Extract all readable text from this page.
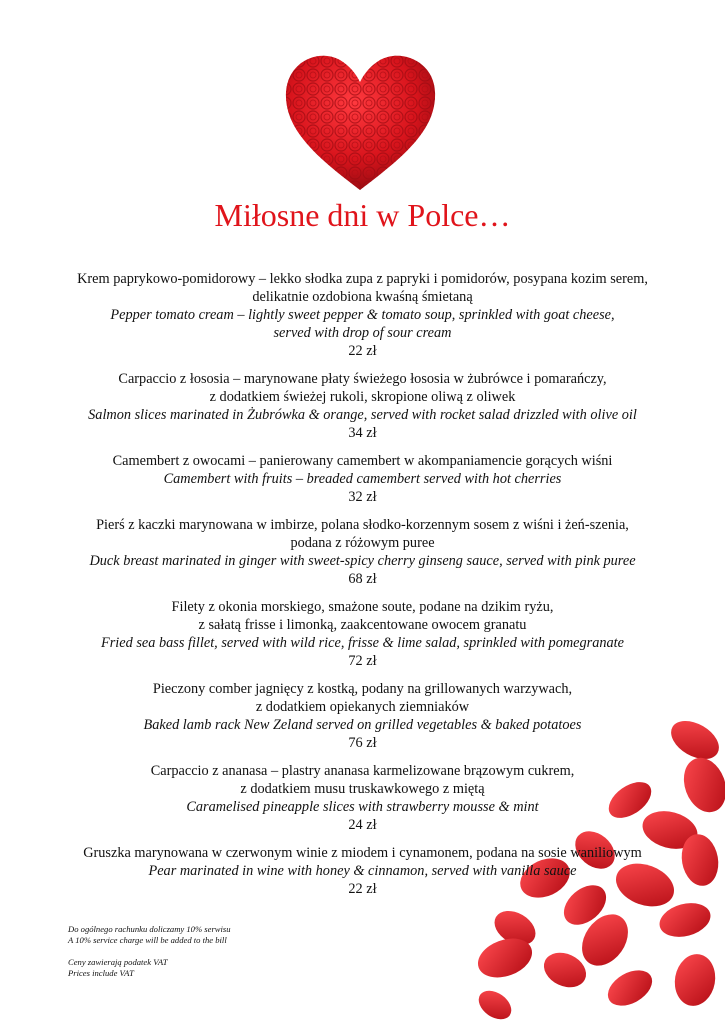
Miłosne dni w Polce…
Krem paprykowo-pomidorowy – lekko słodka zupa z papryki i pomidorów, posypana kozim serem,
delikatnie ozdobiona kwaśną śmietaną
Pepper tomato cream – lightly sweet pepper & tomato soup, sprinkled with goat cheese,
served with drop of sour cream
22 zł
Carpaccio z łososia – marynowane płaty świeżego łososia w żubrówce i pomarańczy,
z dodatkiem świeżej rukoli, skropione oliwą z oliwek
Salmon slices marinated in Żubrówka & orange, served with rocket salad drizzled with olive oil
34 zł
Camembert z owocami – panierowany camembert w akompaniamencie gorących wiśni
Camembert with fruits – breaded camembert served with hot cherries
32 zł
Pierś z kaczki marynowana w imbirze, polana słodko-korzennym sosem z wiśni i żeń-szenia,
podana z różowym puree
Duck breast marinated in ginger with sweet-spicy cherry ginseng sauce, served with pink puree
68 zł
Filety z okonia morskiego, smażone soute, podane na dzikim ryżu,
z sałatą frisse i limonką, zaakcentowane owocem granatu
Fried sea bass fillet, served with wild rice, frisse & lime salad, sprinkled with pomegranate
72 zł
Pieczony comber jagnięcy z kostką, podany na grillowanych warzywach,
z dodatkiem opiekanych ziemniaków
Baked lamb rack New Zeland served on grilled vegetables & baked potatoes
76 zł
Carpaccio z ananasa – plastry ananasa karmelizowane brązowym cukrem,
z dodatkiem musu truskawkowego z miętą
Caramelised pineapple slices with strawberry mousse & mint
24 zł
Gruszka marynowana w czerwonym winie z miodem i cynamonem, podana na sosie waniliowym
Pear marinated in wine with honey & cinnamon, served with vanilla sauce
22 zł
Do ogólnego rachunku doliczamy 10% serwisu
A 10% service charge will be added to the bill
Ceny zawierają podatek VAT
Prices include VAT
